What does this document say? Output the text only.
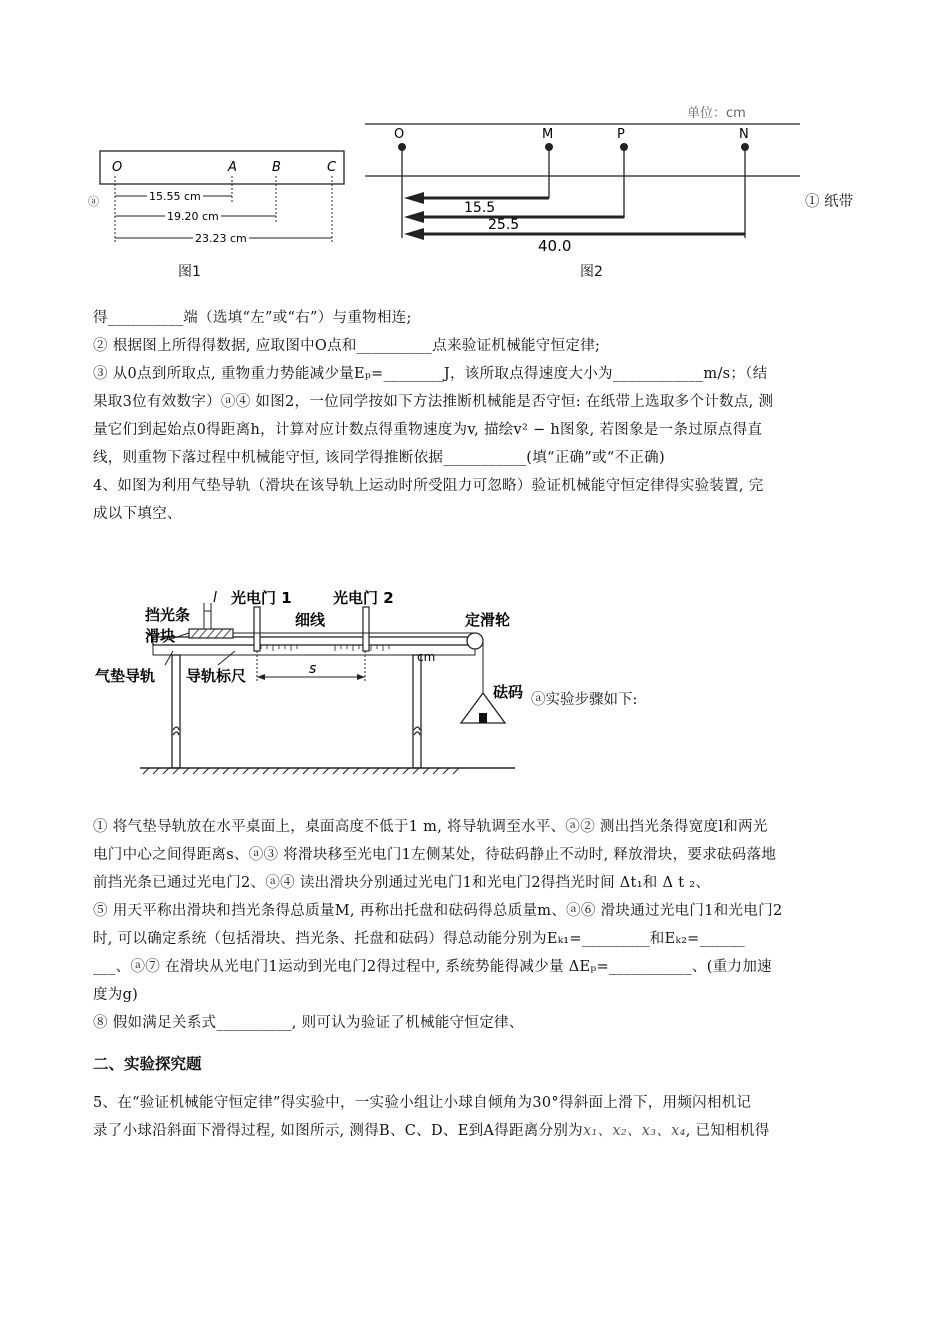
O	A	B	C
15.55 cm
19.20 cm
23.23 cm
ⓐ
图1
单位：cm
O	M	P	N
15.5
25.5
40.0
图2
① 纸带
得__________端（选填“左”或“右”）与重物相连;
② 根据图上所得得数据, 应取图中O点和__________点来验证机械能守恒定律;
③ 从0点到所取点, 重物重力势能减少量Eₚ=________J，该所取点得速度大小为____________m/s；（结
果取3位有效数字）ⓐ④ 如图2，一位同学按如下方法推断机械能是否守恒: 在纸带上选取多个计数点, 测
量它们到起始点0得距离h，计算对应计数点得重物速度为v, 描绘v² − h图象, 若图象是一条过原点得直
线，则重物下落过程中机械能守恒, 该同学得推断依据___________(填“正确”或“不正确)
4、如图为利用气垫导轨（滑块在该导轨上运动时所受阻力可忽略）验证机械能守恒定律得实验装置, 完
成以下填空、
挡光条
滑块
气垫导轨 导轨标尺
光电门 1	光电门 2
细线	定滑轮
砝码
cm
l
s
ⓐ实验步骤如下:
① 将气垫导轨放在水平桌面上，桌面高度不低于1 m, 将导轨调至水平、ⓐ② 测出挡光条得宽度l和两光
电门中心之间得距离s、ⓐ③ 将滑块移至光电门1左侧某处，待砝码静止不动时, 释放滑块，要求砝码落地
前挡光条已通过光电门2、ⓐ④ 读出滑块分别通过光电门1和光电门2得挡光时间 Δt₁和 Δ t ₂、
⑤ 用天平称出滑块和挡光条得总质量M, 再称出托盘和砝码得总质量m、ⓐ⑥ 滑块通过光电门1和光电门2
时, 可以确定系统（包括滑块、挡光条、托盘和砝码）得总动能分别为Eₖ₁=_________和Eₖ₂=______
___、ⓐ⑦ 在滑块从光电门1运动到光电门2得过程中, 系统势能得减少量 ΔEₚ=___________、(重力加速
度为g)
⑧ 假如满足关系式__________, 则可认为验证了机械能守恒定律、
二、实验探究题
5、在“验证机械能守恒定律”得实验中，一实验小组让小球自倾角为30°得斜面上滑下，用频闪相机记
录了小球沿斜面下滑得过程, 如图所示, 测得B、C、D、E到A得距离分别为x₁、x₂、x₃、x₄, 已知相机得
